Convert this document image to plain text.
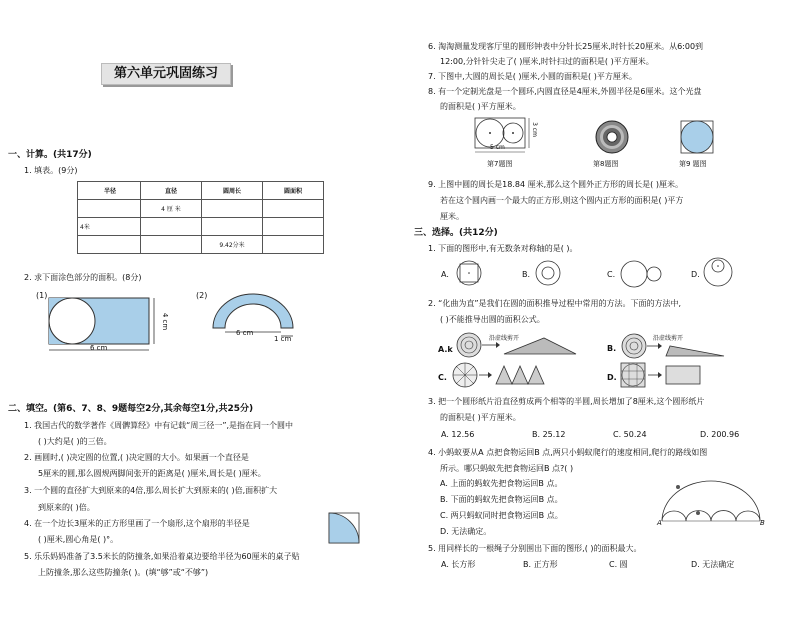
第六单元巩固练习
一、计算。(共17分)
1. 填表。(9分)
半径	直径	圆周长	圆面积
	4 厘 米		
4米			
		9.42分米	
2. 求下面涂色部分的面积。(8分)
(1)
6 cm
4 cm
(2)
6 cm
1 cm
二、填空。(第6、7、8、9题每空2分,其余每空1分,共25分)
1. 我国古代的数学著作《周髀算经》中有记载“周三径一”,是指在同一个圆中
( )大约是( )的三倍。
2. 画圆时,( )决定圆的位置,( )决定圆的大小。如果画一个直径是
5厘米的圆,那么圆规两脚间张开的距离是( )厘米,周长是( )厘米。
3. 一个圆的直径扩大到原来的4倍,那么周长扩大到原来的( )倍,面积扩大
到原来的( )倍。
4. 在一个边长3厘米的正方形里画了一个扇形,这个扇形的半径是
( )厘米,圆心角是( )°。
5. 乐乐妈妈准备了3.5米长的防撞条,如果沿着桌边要给半径为60厘米的桌子贴
上防撞条,那么这些防撞条( )。(填“够”或“不够”)
6. 淘淘测量发现客厅里的圆形钟表中分针长25厘米,时针长20厘米。从6:00到
12:00,分针针尖走了( )厘米,时针扫过的面积是( )平方厘米。
7. 下图中,大圆的周长是( )厘米,小圆的面积是( )平方厘米。
8. 有一个定制光盘是一个圆环,内圆直径是4厘米,外圆半径是6厘米。这个光盘
的面积是( )平方厘米。
5 cm
3 cm
第7题图	第8题图	第9 题图
9. 上图中圆的周长是18.84 厘米,那么这个圆外正方形的周长是( )厘米。
若在这个圆内画一个最大的正方形,则这个圆内正方形的面积是( )平方
厘米。
三、选择。(共12分)
1. 下面的图形中,有无数条对称轴的是( )。
A.	B.	C.	D.
2. “化曲为直”是我们在圆的面积推导过程中常用的方法。下面的方法中,
( )不能推导出圆的面积公式。
A.k
沿虚线剪开
B.
沿虚线剪开
C.	D.
3. 把一个圆形纸片沿直径剪成两个相等的半圆,周长增加了8厘米,这个圆形纸片
的面积是( )平方厘米。
A. 12.56	B. 25.12	C. 50.24	D. 200.96
4. 小蚂蚁要从A 点把食物运回B 点,两只小蚂蚁爬行的速度相同,爬行的路线如图
所示。哪只蚂蚁先把食物运回B 点?( )
A. 上面的蚂蚁先把食物运回B 点。
B. 下面的蚂蚁先把食物运回B 点。
C. 两只蚂蚁同时把食物运回B 点。
D. 无法确定。
A	B
5. 用同样长的一根绳子分别围出下面的图形,( )的面积最大。
A. 长方形	B. 正方形	C. 圆	D. 无法确定
